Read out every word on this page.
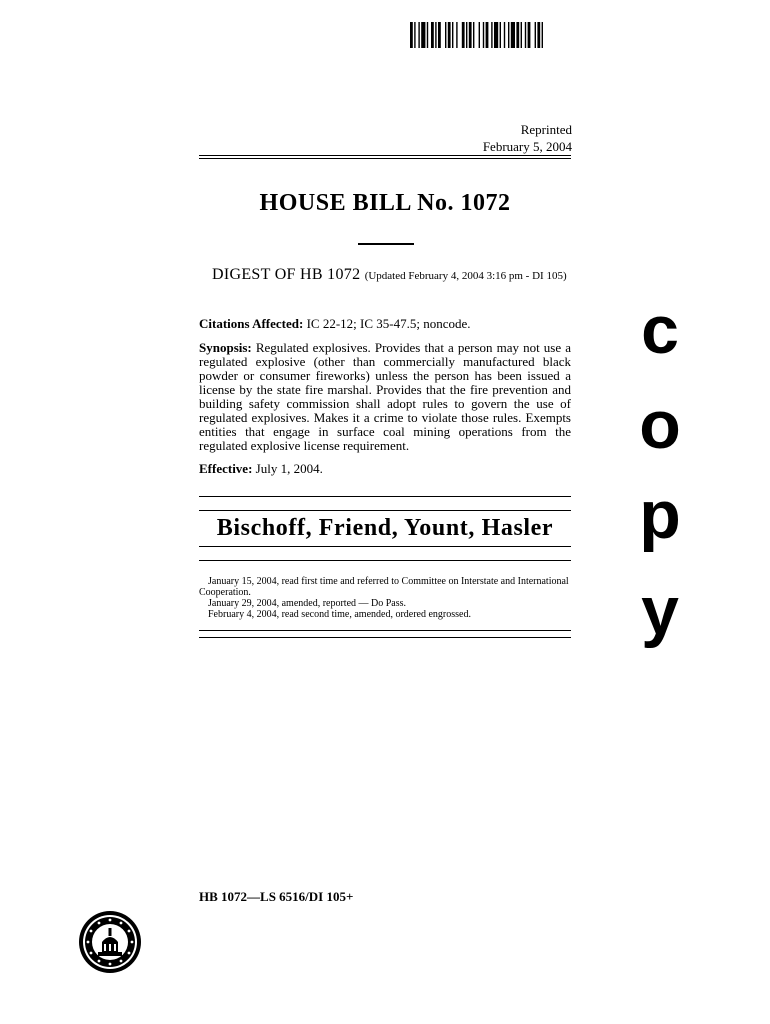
Reprinted
February 5, 2004
HOUSE BILL No. 1072
DIGEST OF HB 1072 (Updated February 4, 2004 3:16 pm - DI 105)
Citations Affected: IC 22-12; IC 35-47.5; noncode.
Synopsis: Regulated explosives. Provides that a person may not use a regulated explosive (other than commercially manufactured black powder or consumer fireworks) unless the person has been issued a license by the state fire marshal. Provides that the fire prevention and building safety commission shall adopt rules to govern the use of regulated explosives. Makes it a crime to violate those rules. Exempts entities that engage in surface coal mining operations from the regulated explosive license requirement.
Effective: July 1, 2004.
Bischoff, Friend, Yount, Hasler
January 15, 2004, read first time and referred to Committee on Interstate and International Cooperation.
January 29, 2004, amended, reported — Do Pass.
February 4, 2004, read second time, amended, ordered engrossed.
HB 1072—LS 6516/DI 105+
c
o
p
y
